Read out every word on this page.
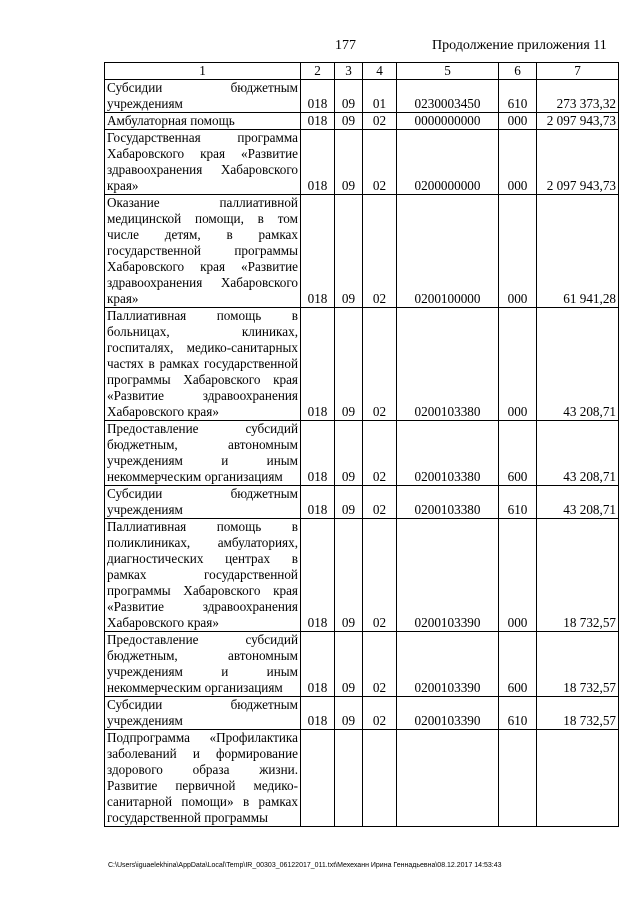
177	Продолжение приложения 11
1	2	3	4	5	6	7
Субсидии бюджетным учреждениям	018	09	01	0230003450	610	273 373,32
Амбулаторная помощь	018	09	02	0000000000	000	2 097 943,73
Государственная программа Хабаровского края «Развитие здравоохранения Хабаровского края»	018	09	02	0200000000	000	2 097 943,73
Оказание паллиативной медицинской помощи, в том числе детям, в рамках государственной программы Хабаровского края «Развитие здравоохранения Хабаровского края»	018	09	02	0200100000	000	61 941,28
Паллиативная помощь в больницах, клиниках, госпиталях, медико-санитарных частях в рамках государственной программы Хабаровского края «Развитие здравоохранения Хабаровского края»	018	09	02	0200103380	000	43 208,71
Предоставление субсидий бюджетным, автономным учреждениям и иным некоммерческим организациям	018	09	02	0200103380	600	43 208,71
Субсидии бюджетным учреждениям	018	09	02	0200103380	610	43 208,71
Паллиативная помощь в поликлиниках, амбулаториях, диагностических центрах в рамках государственной программы Хабаровского края «Развитие здравоохранения Хабаровского края»	018	09	02	0200103390	000	18 732,57
Предоставление субсидий бюджетным, автономным учреждениям и иным некоммерческим организациям	018	09	02	0200103390	600	18 732,57
Субсидии бюджетным учреждениям	018	09	02	0200103390	610	18 732,57
Подпрограмма «Профилактика заболеваний и формирование здорового образа жизни. Развитие первичной медико-санитарной помощи» в рамках государственной программы						
C:\Users\iguaelekhina\AppData\Local\Temp\IR_00303_06122017_011.txt\Мехеханн Ирина Геннадьевна\08.12.2017 14:53:43
